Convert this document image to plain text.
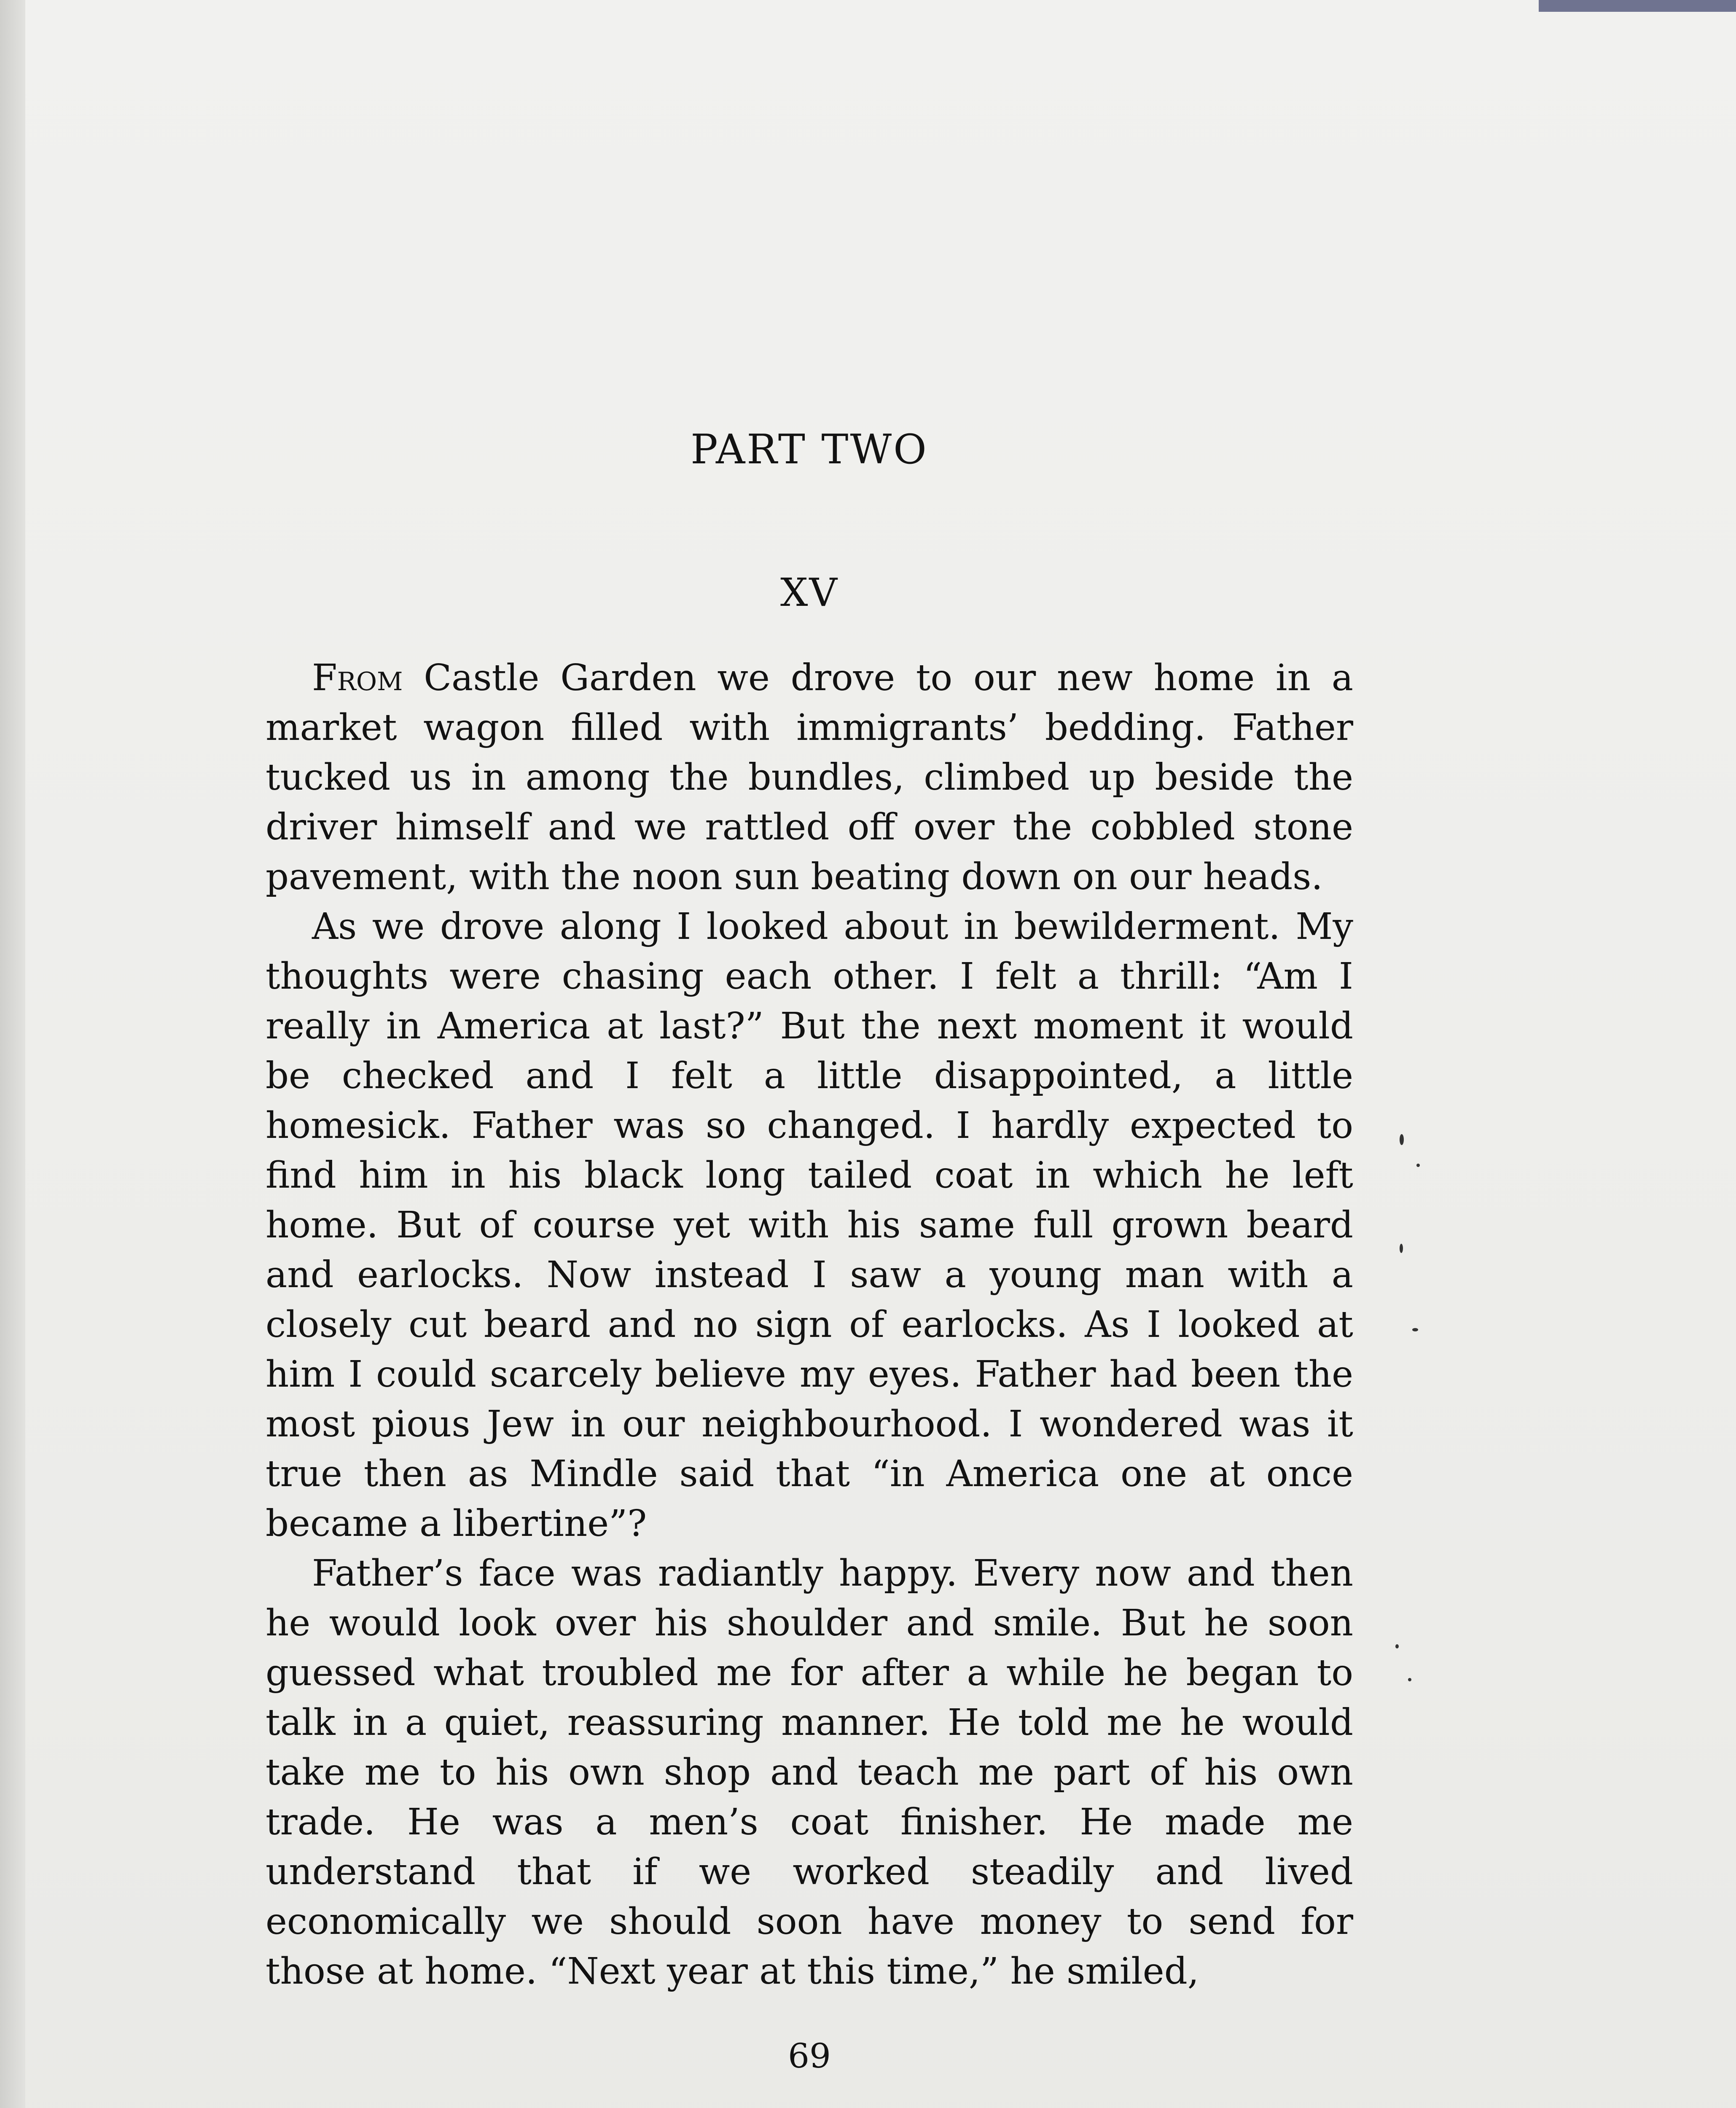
PART TWO
XV

From Castle Garden we drove to our new home in a market wagon filled with immigrants’ bedding. Father tucked us in among the bundles, climbed up beside the driver himself and we rattled off over the cobbled stone pavement, with the noon sun beating down on our heads.

As we drove along I looked about in bewilderment. My thoughts were chasing each other. I felt a thrill: “Am I really in America at last?” But the next moment it would be checked and I felt a little disappointed, a little homesick. Father was so changed. I hardly expected to find him in his black long tailed coat in which he left home. But of course yet with his same full grown beard and earlocks. Now instead I saw a young man with a closely cut beard and no sign of earlocks. As I looked at him I could scarcely believe my eyes. Father had been the most pious Jew in our neighbourhood. I wondered was it true then as Mindle said that “in America one at once became a libertine”?

Father’s face was radiantly happy. Every now and then he would look over his shoulder and smile. But he soon guessed what troubled me for after a while he began to talk in a quiet, reassuring manner. He told me he would take me to his own shop and teach me part of his own trade. He was a men’s coat finisher. He made me understand that if we worked steadily and lived economically we should soon have money to send for those at home. “Next year at this time,” he smiled,

69
